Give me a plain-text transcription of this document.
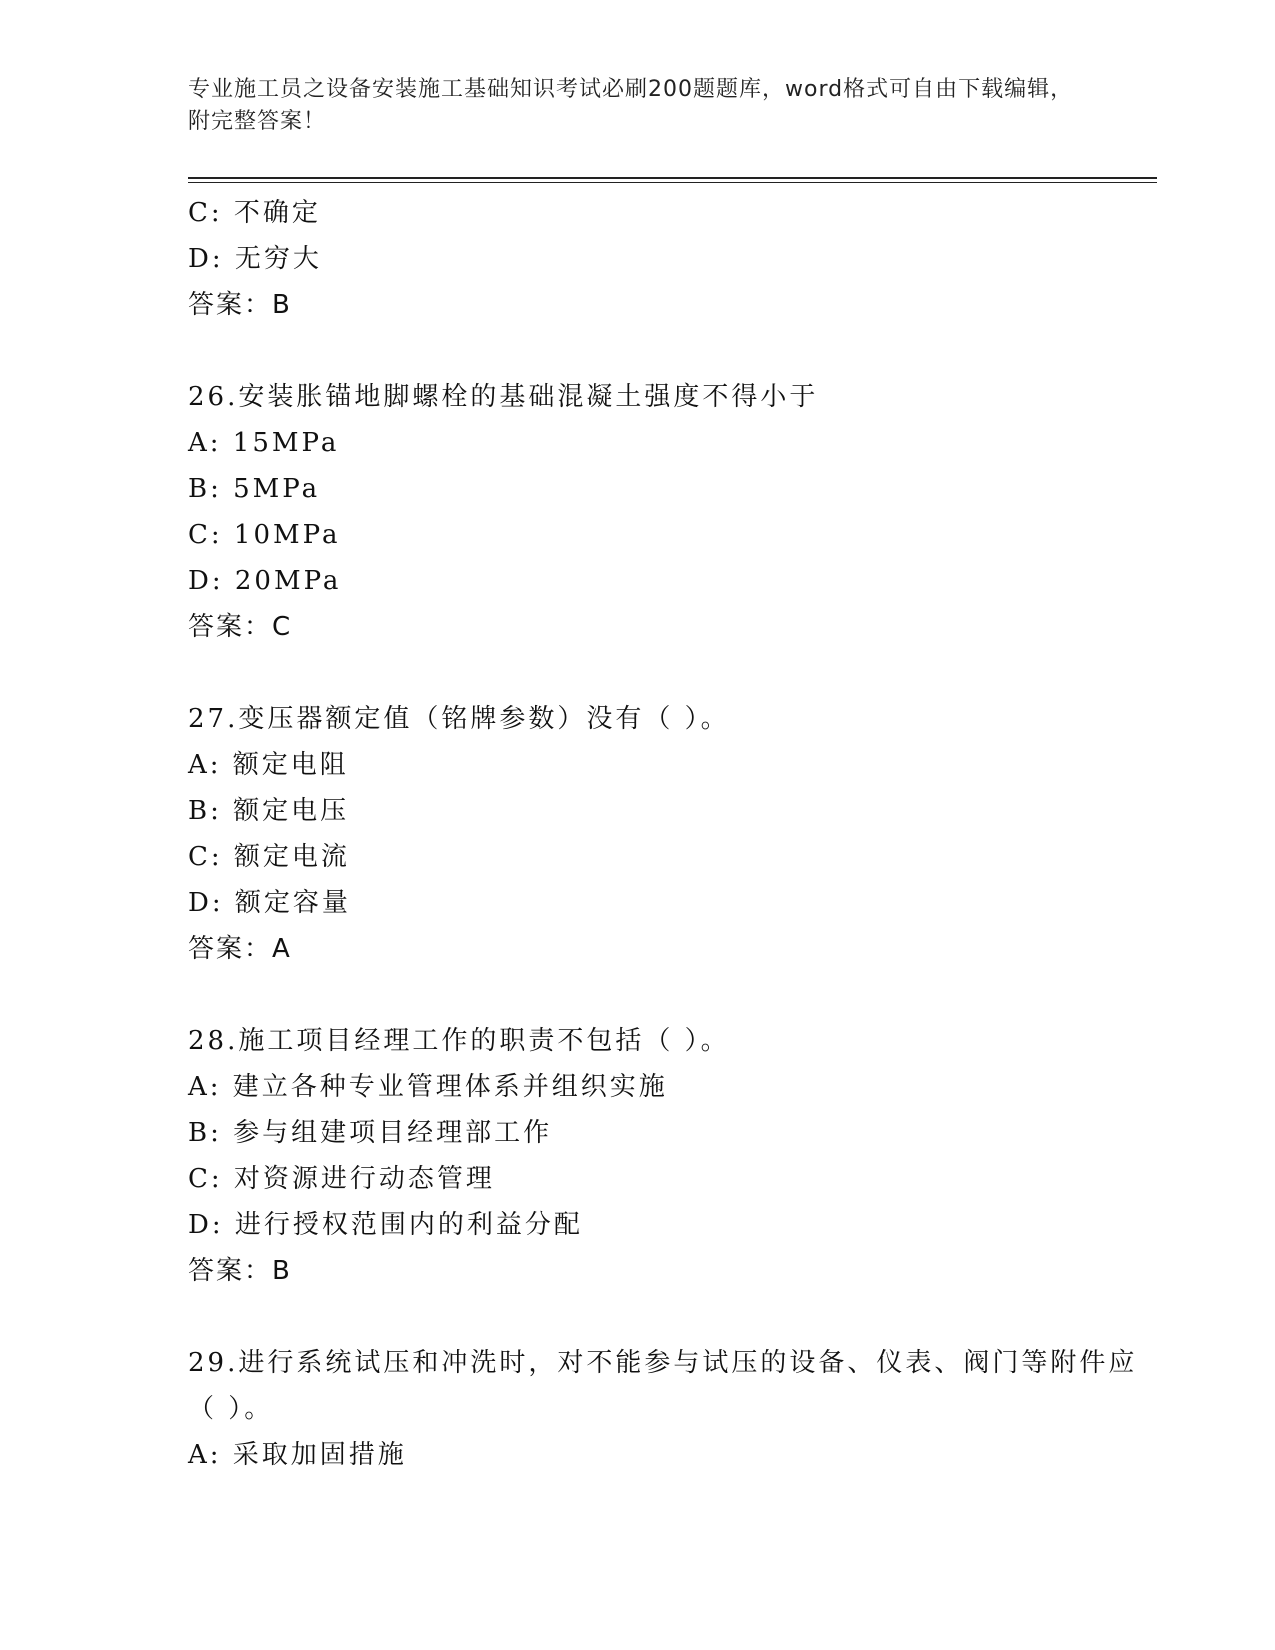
专业施工员之设备安装施工基础知识考试必刷200题题库，word格式可自由下载编辑，附完整答案！
C: 不确定
D: 无穷大
答案：B
26.安装胀锚地脚螺栓的基础混凝土强度不得小于
A: 15MPa
B: 5MPa
C: 10MPa
D: 20MPa
答案：C
27.变压器额定值（铭牌参数）没有（ ）。
A: 额定电阻
B: 额定电压
C: 额定电流
D: 额定容量
答案：A
28.施工项目经理工作的职责不包括（ ）。
A: 建立各种专业管理体系并组织实施
B: 参与组建项目经理部工作
C: 对资源进行动态管理
D: 进行授权范围内的利益分配
答案：B
29.进行系统试压和冲洗时，对不能参与试压的设备、仪表、阀门等附件应（ ）。
A: 采取加固措施
